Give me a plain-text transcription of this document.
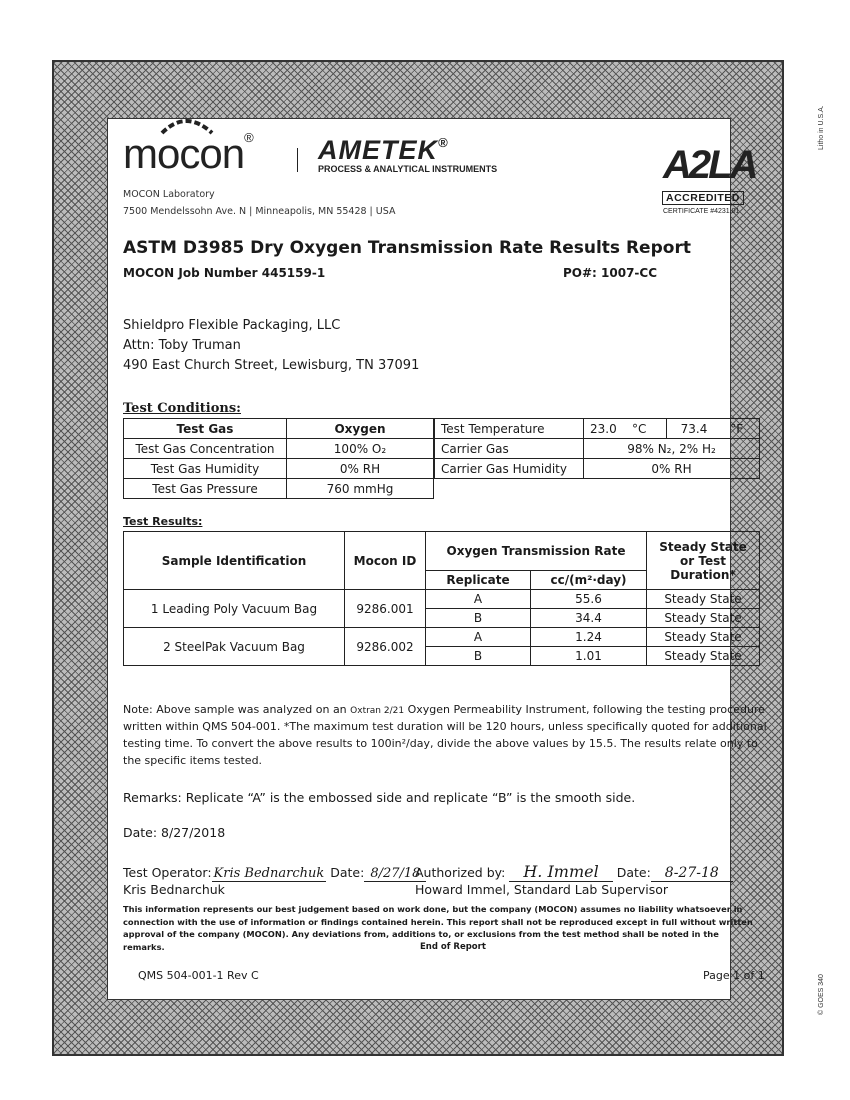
Litho in U.S.A.
© GOES 340
mocon® AMETEK®
PROCESS & ANALYTICAL INSTRUMENTS
MOCON Laboratory
7500 Mendelssohn Ave. N | Minneapolis, MN 55428 | USA
A2LA
ACCREDITED
CERTIFICATE #4231.01
ASTM D3985 Dry Oxygen Transmission Rate Results Report
MOCON Job Number 445159-1	PO#: 1007-CC
Shieldpro Flexible Packaging, LLC
Attn: Toby Truman
490 East Church Street, Lewisburg, TN 37091
Test Conditions:
Test Gas	Oxygen
Test Gas Concentration	100% O₂
Test Gas Humidity	0% RH
Test Gas Pressure	760 mmHg
Test Temperature	23.0 °C	73.4 °F
Carrier Gas	98% N₂, 2% H₂	
Carrier Gas Humidity	0% RH	
Test Results:
Sample Identification	Mocon ID	Oxygen Transmission Rate		Steady State or Test Duration*
		Replicate	cc/(m²·day)	
1 Leading Poly Vacuum Bag	9286.001	A	55.6	Steady State
		B	34.4	Steady State
2 SteelPak Vacuum Bag	9286.002	A	1.24	Steady State
		B	1.01	Steady State
Note: Above sample was analyzed on an Oxtran 2/21 Oxygen Permeability Instrument, following the testing procedure
written within QMS 504-001. *The maximum test duration will be 120 hours, unless specifically quoted for additional
testing time. To convert the above results to 100in²/day, divide the above values by 15.5. The results relate only to
the specific items tested.
Remarks: Replicate “A” is the embossed side and replicate “B” is the smooth side.
Date: 8/27/2018
Test Operator: Kris Bednarchuk Date: 8/27/18
Kris Bednarchuk
Authorized by: H. Immel Date: 8-27-18
Howard Immel, Standard Lab Supervisor
This information represents our best judgement based on work done, but the company (MOCON) assumes no liability whatsoever in connection with the use of information or findings contained herein. This report shall not be reproduced except in full without written approval of the company (MOCON). Any deviations from, additions to, or exclusions from the test method shall be noted in the remarks.	End of Report
QMS 504-001-1 Rev C	Page 1 of 1
